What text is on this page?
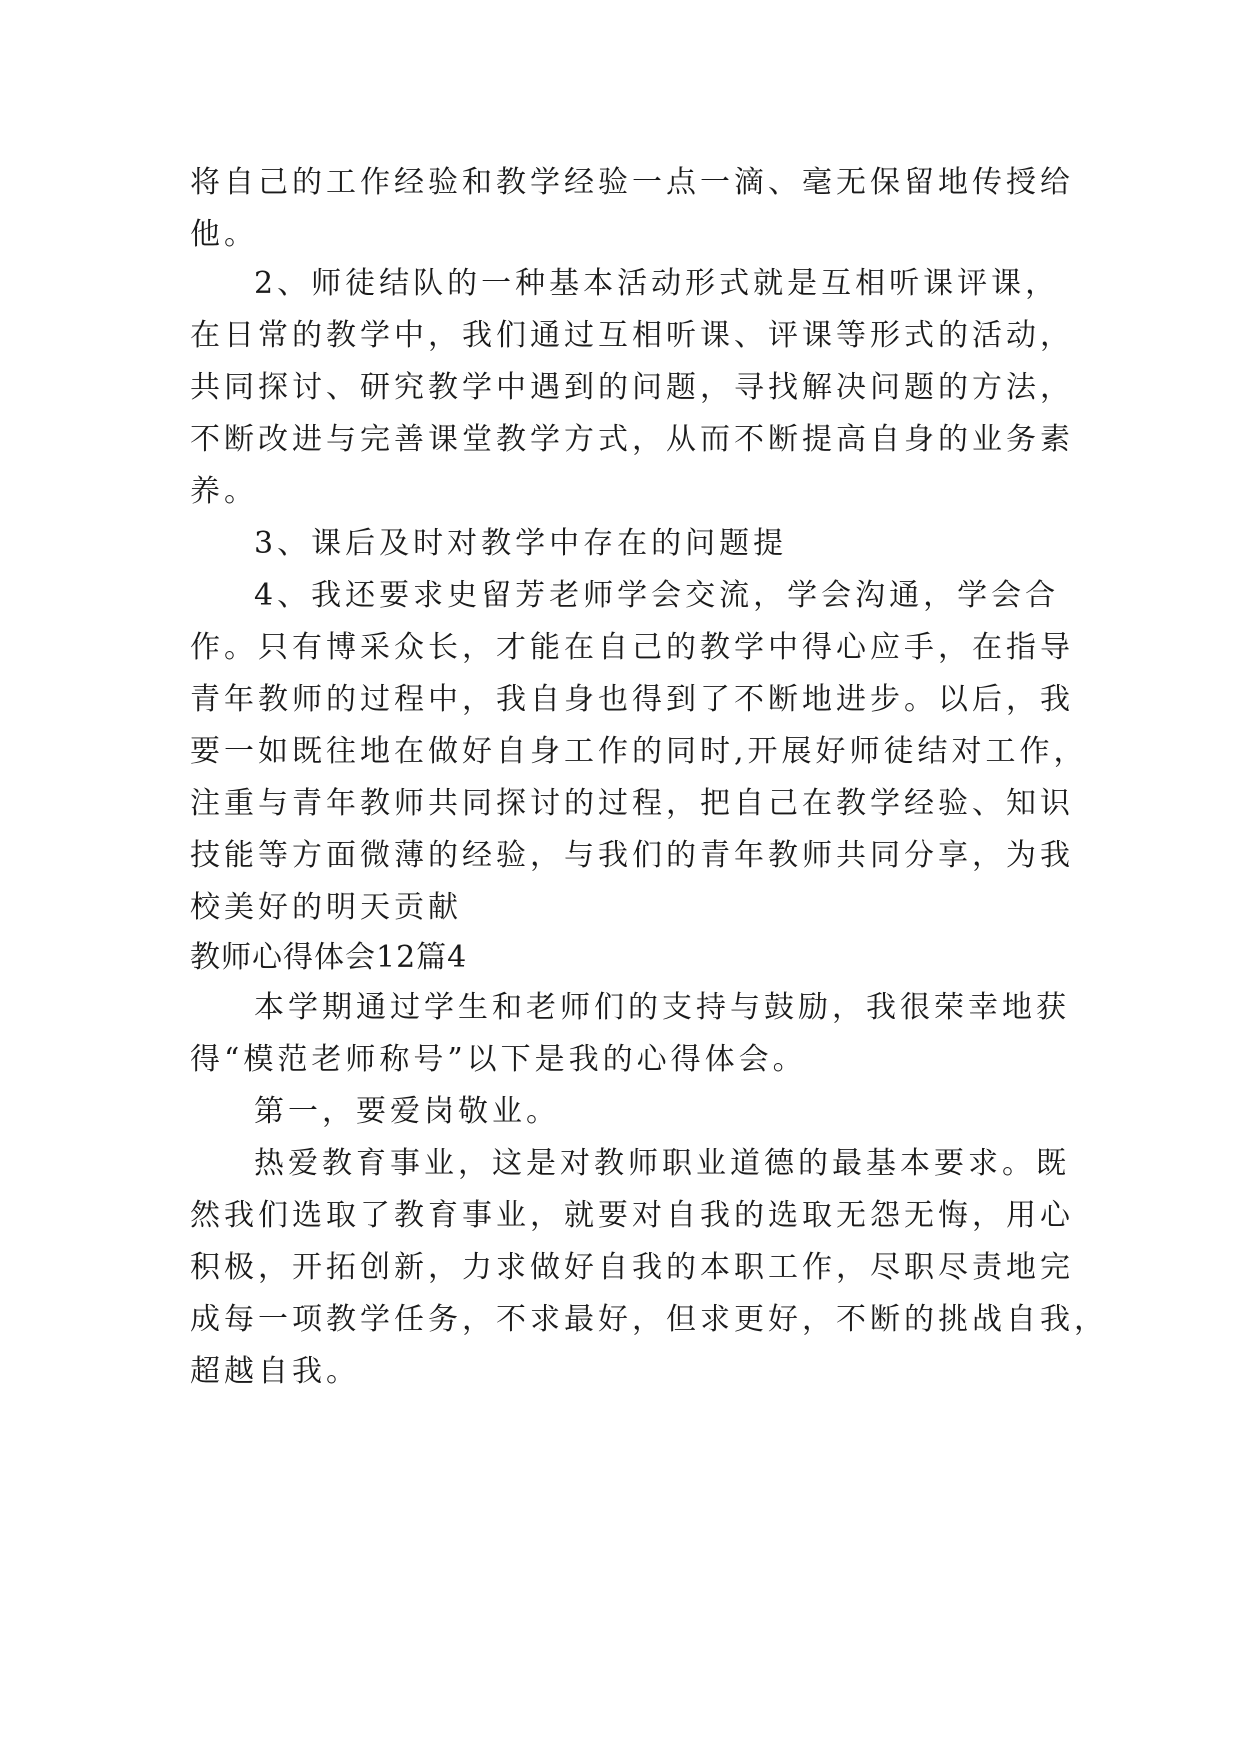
将自己的工作经验和教学经验一点一滴、毫无保留地传授给
他。
2、师徒结队的一种基本活动形式就是互相听课评课，
在日常的教学中，我们通过互相听课、评课等形式的活动，
共同探讨、研究教学中遇到的问题，寻找解决问题的方法，
不断改进与完善课堂教学方式，从而不断提高自身的业务素
养。
3、课后及时对教学中存在的问题提
4、我还要求史留芳老师学会交流，学会沟通，学会合
作。只有博采众长，才能在自己的教学中得心应手，在指导
青年教师的过程中，我自身也得到了不断地进步。以后，我
要一如既往地在做好自身工作的同时,开展好师徒结对工作，
注重与青年教师共同探讨的过程，把自己在教学经验、知识
技能等方面微薄的经验，与我们的青年教师共同分享，为我
校美好的明天贡献
教师心得体会12篇4
本学期通过学生和老师们的支持与鼓励，我很荣幸地获
得“模范老师称号”以下是我的心得体会。
第一，要爱岗敬业。
热爱教育事业，这是对教师职业道德的最基本要求。既
然我们选取了教育事业，就要对自我的选取无怨无悔，用心
积极，开拓创新，力求做好自我的本职工作，尽职尽责地完
成每一项教学任务，不求最好，但求更好，不断的挑战自我，
超越自我。
